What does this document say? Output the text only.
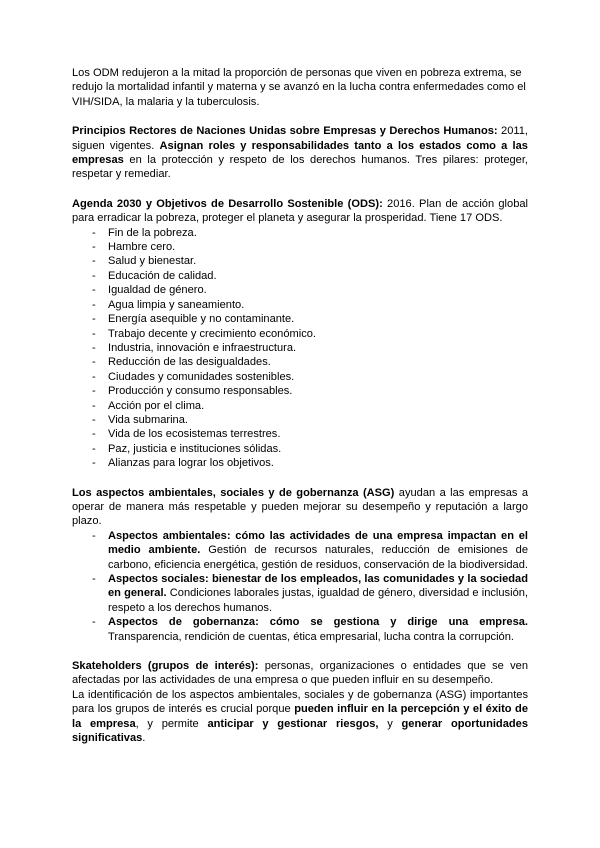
Los ODM redujeron a la mitad la proporción de personas que viven en pobreza extrema, se redujo la mortalidad infantil y materna y se avanzó en la lucha contra enfermedades como el VIH/SIDA, la malaria y la tuberculosis.

Principios Rectores de Naciones Unidas sobre Empresas y Derechos Humanos: 2011, siguen vigentes. Asignan roles y responsabilidades tanto a los estados como a las empresas en la protección y respeto de los derechos humanos. Tres pilares: proteger, respetar y remediar.

Agenda 2030 y Objetivos de Desarrollo Sostenible (ODS): 2016. Plan de acción global para erradicar la pobreza, proteger el planeta y asegurar la prosperidad. Tiene 17 ODS.

- Fin de la pobreza.
- Hambre cero.
- Salud y bienestar.
- Educación de calidad.
- Igualdad de género.
- Agua limpia y saneamiento.
- Energía asequible y no contaminante.
- Trabajo decente y crecimiento económico.
- Industria, innovación e infraestructura.
- Reducción de las desigualdades.
- Ciudades y comunidades sostenibles.
- Producción y consumo responsables.
- Acción por el clima.
- Vida submarina.
- Vida de los ecosistemas terrestres.
- Paz, justicia e instituciones sólidas.
- Alianzas para lograr los objetivos.

Los aspectos ambientales, sociales y de gobernanza (ASG) ayudan a las empresas a operar de manera más respetable y pueden mejorar su desempeño y reputación a largo plazo.

- Aspectos ambientales: cómo las actividades de una empresa impactan en el medio ambiente. Gestión de recursos naturales, reducción de emisiones de carbono, eficiencia energética, gestión de residuos, conservación de la biodiversidad.
- Aspectos sociales: bienestar de los empleados, las comunidades y la sociedad en general. Condiciones laborales justas, igualdad de género, diversidad e inclusión, respeto a los derechos humanos.
- Aspectos de gobernanza: cómo se gestiona y dirige una empresa. Transparencia, rendición de cuentas, ética empresarial, lucha contra la corrupción.

Skateholders (grupos de interés): personas, organizaciones o entidades que se ven afectadas por las actividades de una empresa o que pueden influir en su desempeño.

La identificación de los aspectos ambientales, sociales y de gobernanza (ASG) importantes para los grupos de interés es crucial porque pueden influir en la percepción y el éxito de la empresa, y permite anticipar y gestionar riesgos, y generar oportunidades significativas.
